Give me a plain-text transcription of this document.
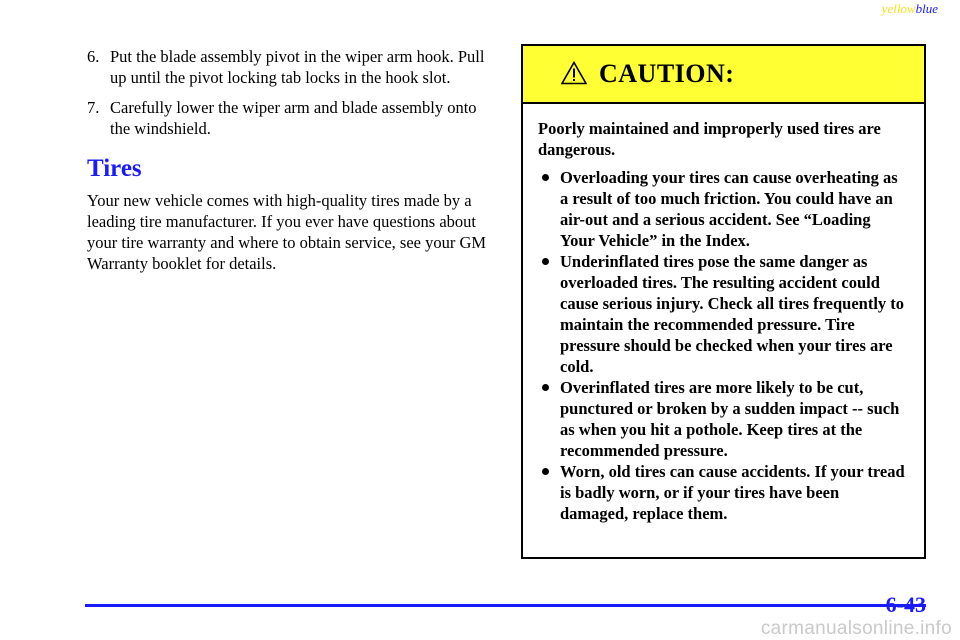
yellowblue
6. Put the blade assembly pivot in the wiper arm hook. Pull up until the pivot locking tab locks in the hook slot.
7. Carefully lower the wiper arm and blade assembly onto the windshield.
Tires

Your new vehicle comes with high-quality tires made by a leading tire manufacturer. If you ever have questions about your tire warranty and where to obtain service, see your GM Warranty booklet for details.

CAUTION:

Poorly maintained and improperly used tires are dangerous.

Overloading your tires can cause overheating as a result of too much friction. You could have an air-out and a serious accident. See “Loading Your Vehicle” in the Index.
Underinflated tires pose the same danger as overloaded tires. The resulting accident could cause serious injury. Check all tires frequently to maintain the recommended pressure. Tire pressure should be checked when your tires are cold.
Overinflated tires are more likely to be cut, punctured or broken by a sudden impact -- such as when you hit a pothole. Keep tires at the recommended pressure.
Worn, old tires can cause accidents. If your tread is badly worn, or if your tires have been damaged, replace them.
6-43
carmanualsonline.info
